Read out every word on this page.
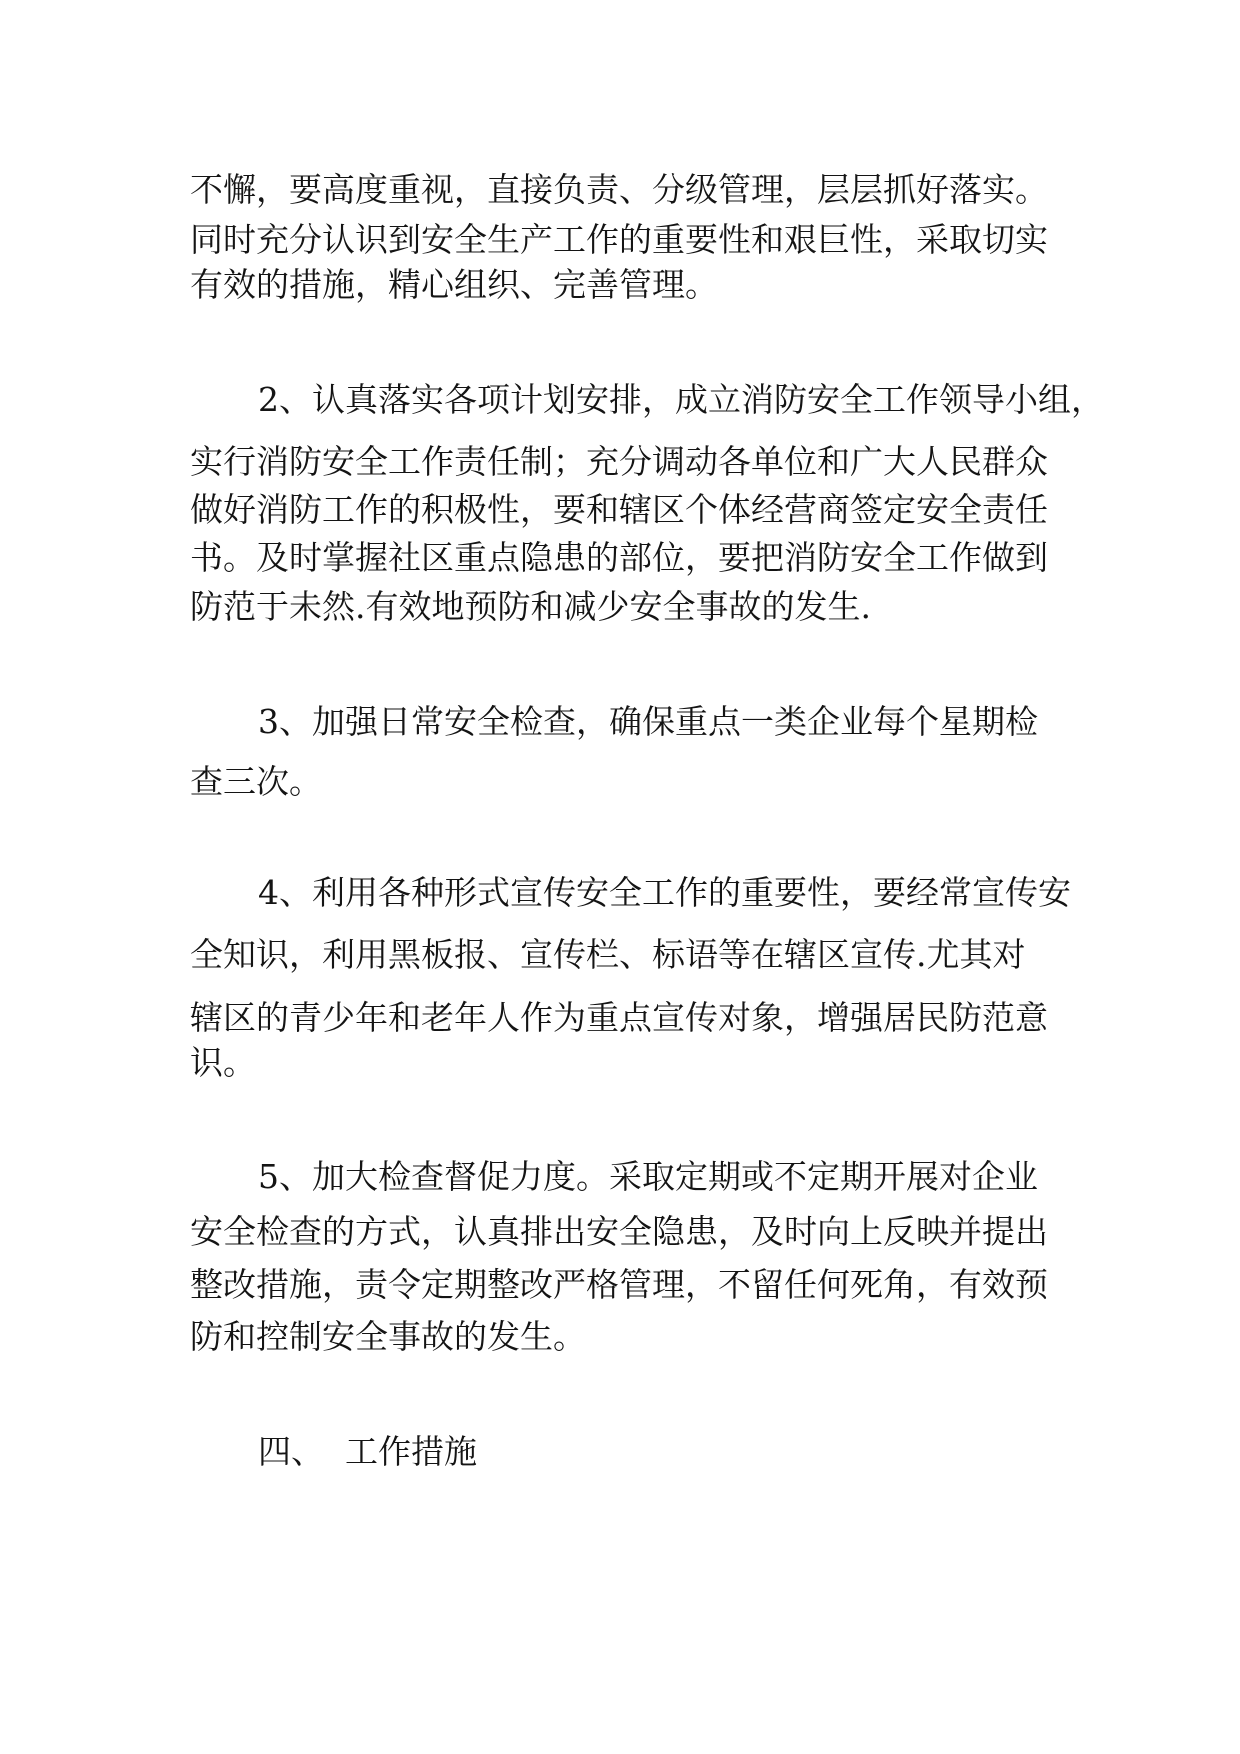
不懈，要高度重视，直接负责、分级管理，层层抓好落实。

同时充分认识到安全生产工作的重要性和艰巨性，采取切实

有效的措施，精心组织、完善管理。

2、认真落实各项计划安排，成立消防安全工作领导小组，

实行消防安全工作责任制；充分调动各单位和广大人民群众

做好消防工作的积极性，要和辖区个体经营商签定安全责任

书。及时掌握社区重点隐患的部位，要把消防安全工作做到

防范于未然.有效地预防和减少安全事故的发生.

3、加强日常安全检查，确保重点一类企业每个星期检

查三次。

4、利用各种形式宣传安全工作的重要性，要经常宣传安

全知识，利用黑板报、宣传栏、标语等在辖区宣传.尤其对

辖区的青少年和老年人作为重点宣传对象，增强居民防范意

识。

5、加大检查督促力度。采取定期或不定期开展对企业

安全检查的方式，认真排出安全隐患，及时向上反映并提出

整改措施，责令定期整改严格管理，不留任何死角，有效预

防和控制安全事故的发生。

四、  工作措施
